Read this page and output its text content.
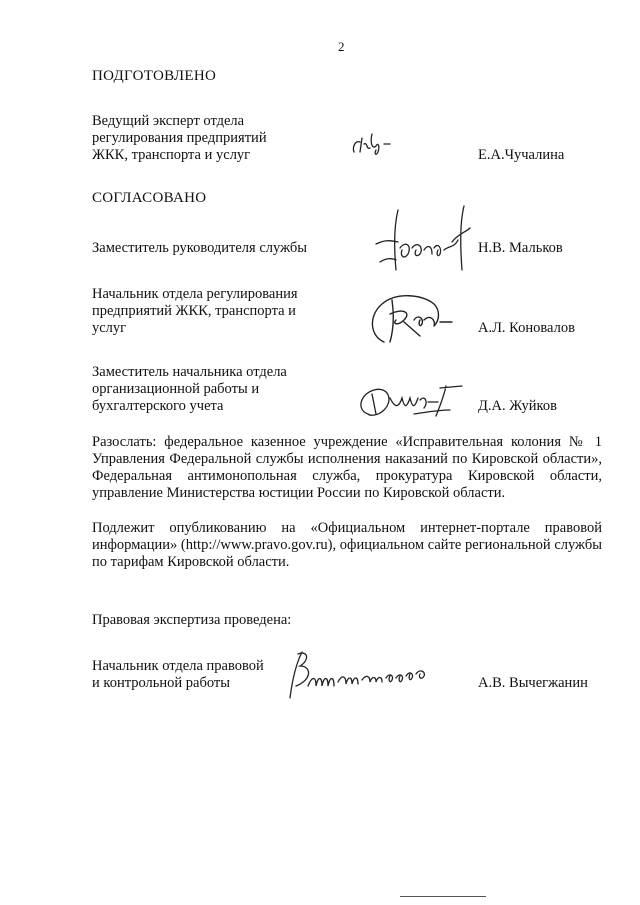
2
ПОДГОТОВЛЕНО
Ведущий эксперт отдела
регулирования предприятий
ЖКК, транспорта и услуг	Е.А.Чучалина
СОГЛАСОВАНО
Заместитель руководителя службы	Н.В. Мальков
Начальник отдела регулирования
предприятий ЖКК, транспорта и
услуг	А.Л. Коновалов
Заместитель начальника отдела
организационной работы и
бухгалтерского учета	Д.А. Жуйков
Разослать: федеральное казенное учреждение «Исправительная колония № 1 Управления Федеральной службы исполнения наказаний по Кировской области», Федеральная антимонопольная служба, прокуратура Кировской области, управление Министерства юстиции России по Кировской области.
Подлежит опубликованию на «Официальном интернет-портале правовой информации» (http://www.pravo.gov.ru), официальном сайте региональной службы по тарифам Кировской области.
Правовая экспертиза проведена:
Начальник отдела правовой
и контрольной работы	А.В. Вычегжанин
